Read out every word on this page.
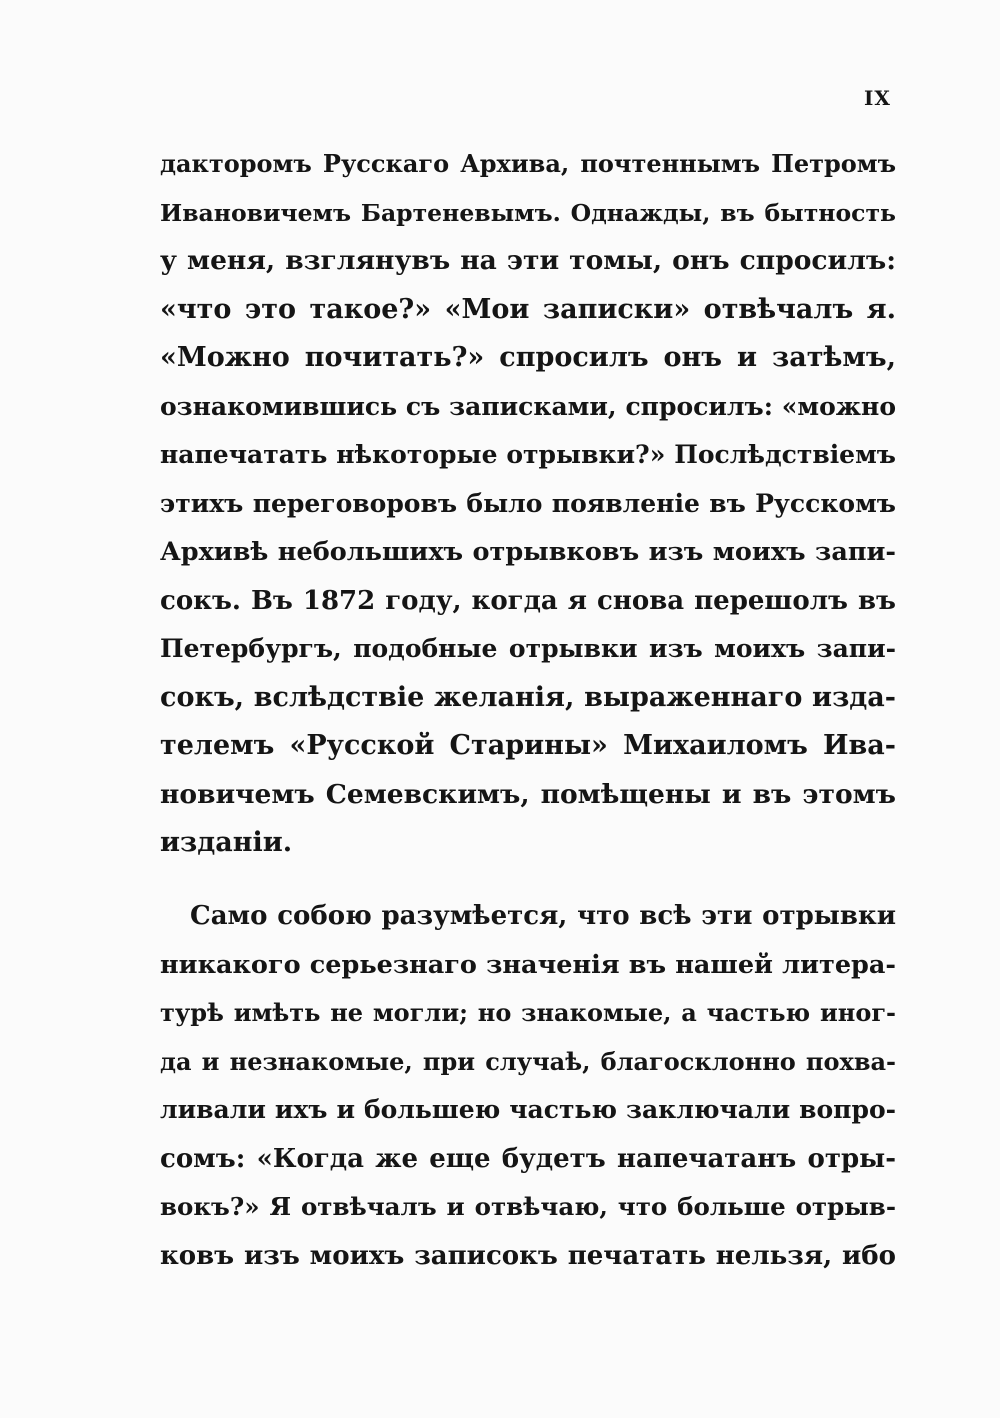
IX
дакторомъ Русскаго Архива, почтеннымъ Петромъ
Ивановичемъ Бартеневымъ. Однажды, въ бытность
у меня, взглянувъ на эти томы, онъ спросилъ:
«что это такое?» «Мои записки» отвѣчалъ я.
«Можно почитать?» спросилъ онъ и затѣмъ,
ознакомившись съ записками, спросилъ: «можно
напечатать нѣкоторые отрывки?» Послѣдствіемъ
этихъ переговоровъ было появленіе въ Русскомъ
Архивѣ небольшихъ отрывковъ изъ моихъ запи-
сокъ. Въ 1872 году, когда я снова перешолъ въ
Петербургъ, подобные отрывки изъ моихъ запи-
сокъ, вслѣдствіе желанія, выраженнаго изда-
телемъ «Русской Старины» Михаиломъ Ива-
новичемъ Семевскимъ, помѣщены и въ этомъ
изданіи.
Само собою разумѣется, что всѣ эти отрывки
никакого серьезнаго значенія въ нашей литера-
турѣ имѣть не могли; но знакомые, а частью иног-
да и незнакомые, при случаѣ, благосклонно похва-
ливали ихъ и большею частью заключали вопро-
сомъ: «Когда же еще будетъ напечатанъ отры-
вокъ?» Я отвѣчалъ и отвѣчаю, что больше отрыв-
ковъ изъ моихъ записокъ печатать нельзя, ибо
